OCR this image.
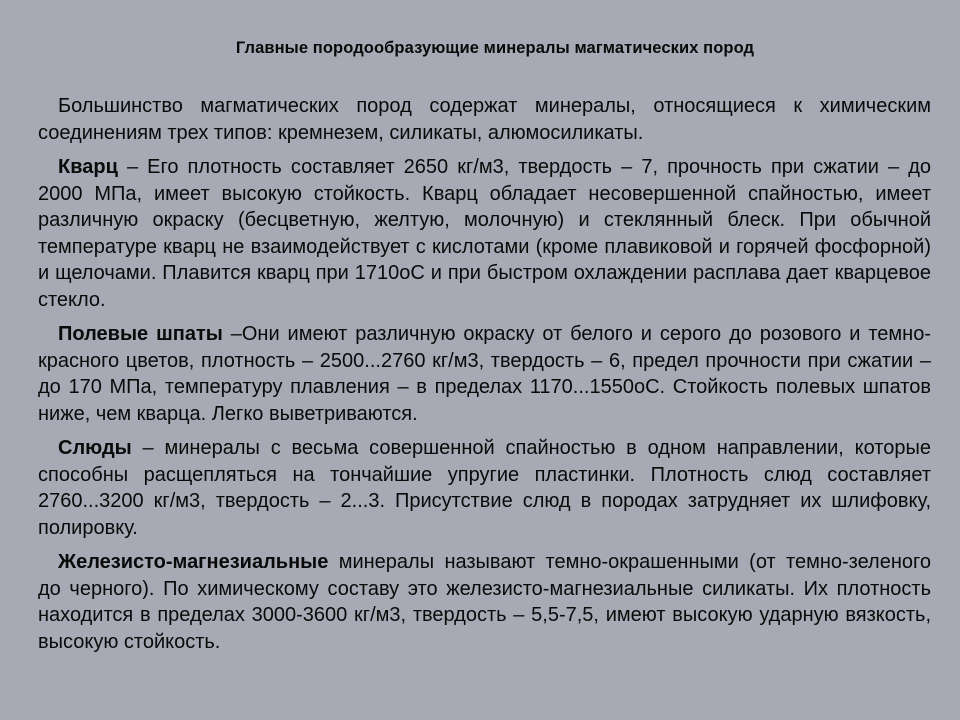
Главные породообразующие минералы магматических пород

Большинство магматических пород содержат минералы, относящиеся к химическим соединениям трех типов: кремнезем, силикаты, алюмосиликаты.

Кварц – Его плотность составляет 2650 кг/м3, твердость – 7, прочность при сжатии – до 2000 МПа, имеет высокую стойкость. Кварц обладает несовершенной спайностью, имеет различную окраску (бесцветную, желтую, молочную) и стеклянный блеск. При обычной температуре кварц не взаимодействует с кислотами (кроме плавиковой и горячей фосфорной) и щелочами. Плавится кварц при 1710оС и при быстром охлаждении расплава дает кварцевое стекло.

Полевые шпаты –Они имеют различную окраску от белого и серого до розового и темно-красного цветов, плотность – 2500...2760 кг/м3, твердость – 6, предел прочности при сжатии – до 170 МПа, температуру плавления – в пределах 1170...1550оС. Стойкость полевых шпатов ниже, чем кварца. Легко выветриваются.

Слюды – минералы с весьма совершенной спайностью в одном направлении, которые способны расщепляться на тончайшие упругие пластинки. Плотность слюд составляет 2760...3200 кг/м3, твердость – 2...3. Присутствие слюд в породах затрудняет их шлифовку, полировку.

Железисто-магнезиальные минералы называют темно-окрашенными (от темно-зеленого до черного). По химическому составу это железисто-магнезиальные силикаты. Их плотность находится в пределах 3000-3600 кг/м3, твердость – 5,5-7,5, имеют высокую ударную вязкость, высокую стойкость.
